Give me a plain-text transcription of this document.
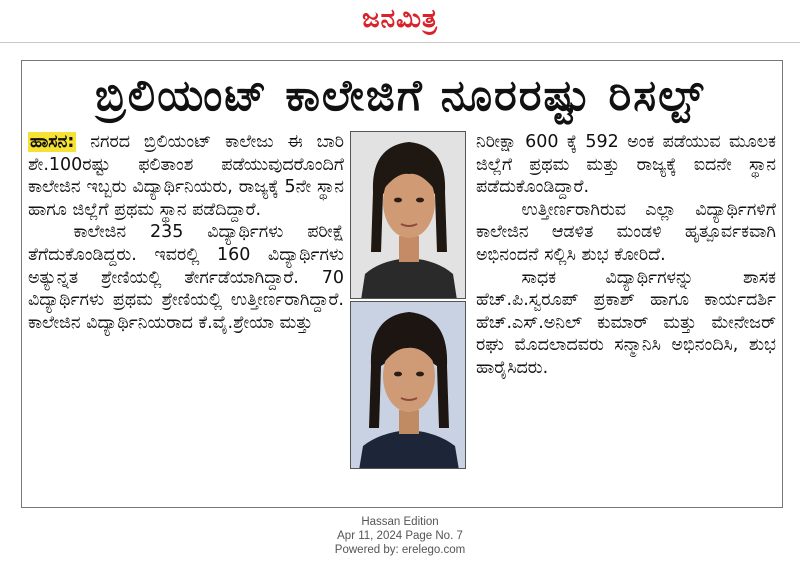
ಜನಮಿತ್ರ
ಬ್ರಿಲಿಯಂಟ್ ಕಾಲೇಜಿಗೆ ನೂರರಷ್ಟು ರಿಸಲ್ಟ್

ಹಾಸನ: ನಗರದ ಬ್ರಿಲಿಯಂಟ್ ಕಾಲೇಜು ಈ ಬಾರಿ ಶೇ.100ರಷ್ಟು ಫಲಿತಾಂಶ ಪಡೆಯುವುದರೊಂದಿಗೆ ಕಾಲೇಜಿನ ಇಬ್ಬರು ವಿದ್ಯಾರ್ಥಿನಿಯರು, ರಾಜ್ಯಕ್ಕೆ 5ನೇ ಸ್ಥಾನ ಹಾಗೂ ಜಿಲ್ಲೆಗೆ ಪ್ರಥಮ ಸ್ಥಾನ ಪಡೆದಿದ್ದಾರೆ.

ಕಾಲೇಜಿನ 235 ವಿದ್ಯಾರ್ಥಿಗಳು ಪರೀಕ್ಷೆ ತೆಗೆದುಕೊಂಡಿದ್ದರು. ಇವರಲ್ಲಿ 160 ವಿದ್ಯಾರ್ಥಿಗಳು ಅತ್ಯುನ್ನತ ಶ್ರೇಣಿಯಲ್ಲಿ ತೇರ್ಗಡೆಯಾಗಿದ್ದಾರೆ. 70 ವಿದ್ಯಾರ್ಥಿಗಳು ಪ್ರಥಮ ಶ್ರೇಣಿಯಲ್ಲಿ ಉತ್ತೀರ್ಣರಾಗಿದ್ದಾರೆ. ಕಾಲೇಜಿನ ವಿದ್ಯಾರ್ಥಿನಿಯರಾದ ಕೆ.ವೈ.ಶ್ರೇಯಾ ಮತ್ತು

ನಿರೀಕ್ಷಾ 600 ಕ್ಕೆ 592 ಅಂಕ ಪಡೆಯುವ ಮೂಲಕ ಜಿಲ್ಲೆಗೆ ಪ್ರಥಮ ಮತ್ತು ರಾಜ್ಯಕ್ಕೆ ಐದನೇ ಸ್ಥಾನ ಪಡೆದುಕೊಂಡಿದ್ದಾರೆ.

ಉತ್ತೀರ್ಣರಾಗಿರುವ ಎಲ್ಲಾ ವಿದ್ಯಾರ್ಥಿಗಳಿಗೆ ಕಾಲೇಜಿನ ಆಡಳಿತ ಮಂಡಳಿ ಹೃತ್ಪೂರ್ವಕವಾಗಿ ಅಭಿನಂದನೆ ಸಲ್ಲಿಸಿ ಶುಭ ಕೋರಿದೆ.

ಸಾಧಕ ವಿದ್ಯಾರ್ಥಿಗಳನ್ನು ಶಾಸಕ ಹೆಚ್.ಪಿ.ಸ್ವರೂಪ್ ಪ್ರಕಾಶ್ ಹಾಗೂ ಕಾರ್ಯದರ್ಶಿ ಹೆಚ್.ಎಸ್.ಅನಿಲ್ ಕುಮಾರ್ ಮತ್ತು ಮೇನೇಜರ್ ರಘು ಮೊದಲಾದವರು ಸನ್ಮಾನಿಸಿ ಅಭಿನಂದಿಸಿ, ಶುಭ ಹಾರೈಸಿದರು.

Hassan Edition
Apr 11, 2024 Page No. 7
Powered by: erelego.com
